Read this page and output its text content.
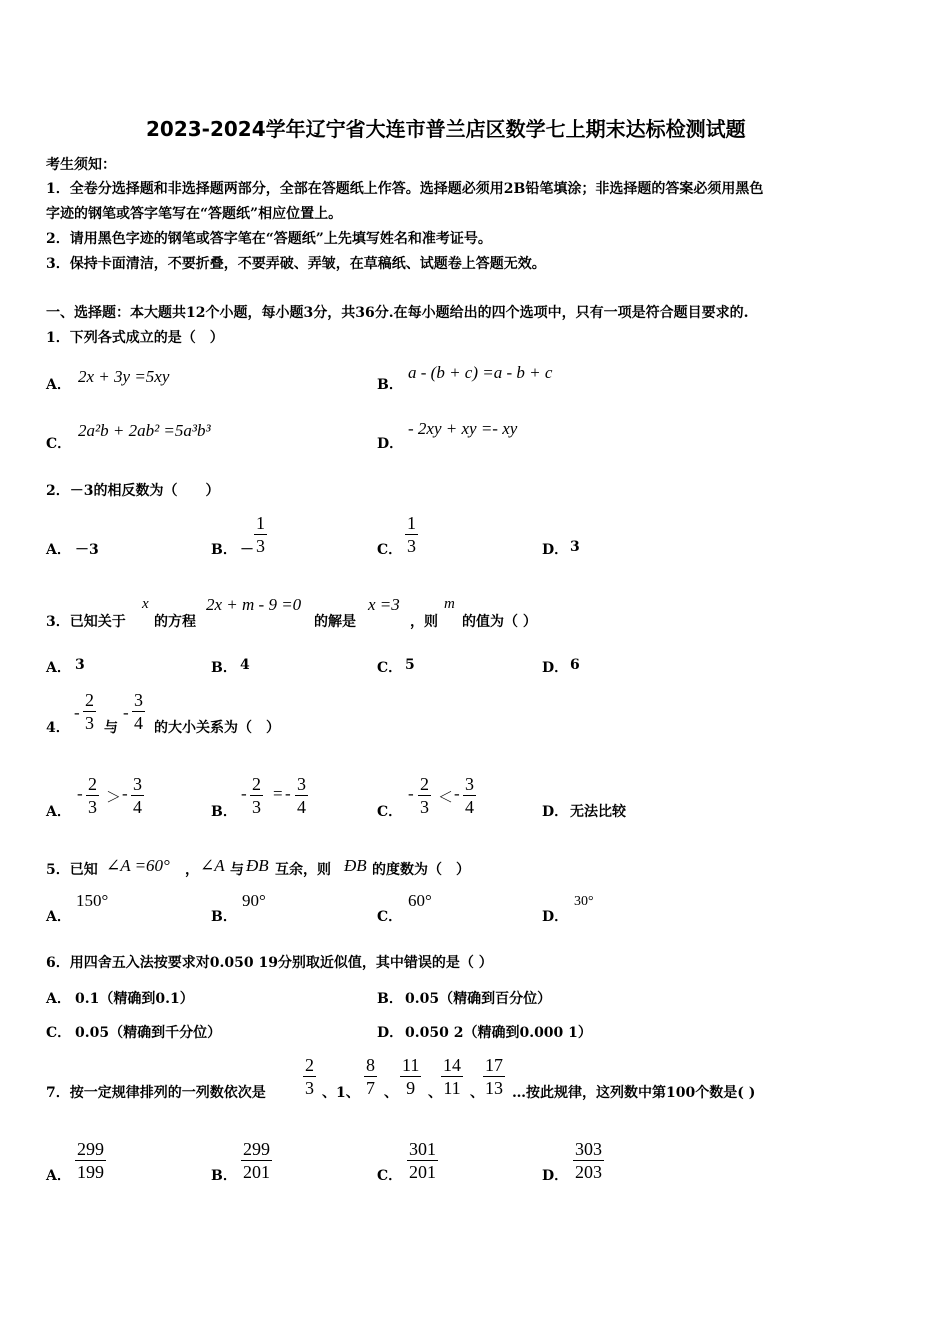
2023-2024学年辽宁省大连市普兰店区数学七上期末达标检测试题
考生须知：
1．全卷分选择题和非选择题两部分，全部在答题纸上作答。选择题必须用2B铅笔填涂；非选择题的答案必须用黑色
字迹的钢笔或答字笔写在“答题纸”相应位置上。
2．请用黑色字迹的钢笔或答字笔在“答题纸”上先填写姓名和准考证号。
3．保持卡面清洁，不要折叠，不要弄破、弄皱，在草稿纸、试题卷上答题无效。
一、选择题：本大题共12个小题，每小题3分，共36分.在每小题给出的四个选项中，只有一项是符合题目要求的.
1．下列各式成立的是（　）
A． 2x + 3y =5xy	B．
a - (b + c) =a - b + c
C．
2a²b + 2ab² =5a³b³
D．
- 2xy + xy =- xy
2．－3的相反数为（　　）
A． －3	B． － $\frac{1}{3}$	C． $\frac{1}{3}$	D． 3
3．已知关于
x
的方程
2x + m - 9 =0
的解是
x =3
，则
m
的值为（ ）
A． 3	B． 4	C． 5	D． 6
4．
- $\frac{2}{3}$ 与
- $\frac{3}{4}$ 的大小关系为（　）
A．
- $\frac{2}{3}$ ＞ - $\frac{3}{4}$	B．
- $\frac{2}{3}$ = - $\frac{3}{4}$	C．
- $\frac{2}{3}$ ＜ - $\frac{3}{4}$	D． 无法比较
5．已知 ∠A =60° ， ∠A 与 ÐB 互余，则 ÐB 的度数为（　）
A．
150°
B．
90°
C．
60°
D．
30°
6．用四舍五入法按要求对0.050 19分别取近似值，其中错误的是（ ）
A． 0.1（精确到0.1）	B． 0.05（精确到百分位）
C． 0.05（精确到千分位）	D． 0.050 2（精确到0.000 1）
7．按一定规律排列的一列数依次是 $\frac{2}{3}$ 、1、 $\frac{8}{7}$ 、 $\frac{11}{9}$ 、 $\frac{14}{11}$ 、 $\frac{17}{13}$ …按此规律，这列数中第100个数是( )
A． $\frac{299}{199}$	B． $\frac{299}{201}$	C． $\frac{301}{201}$	D． $\frac{303}{203}$
